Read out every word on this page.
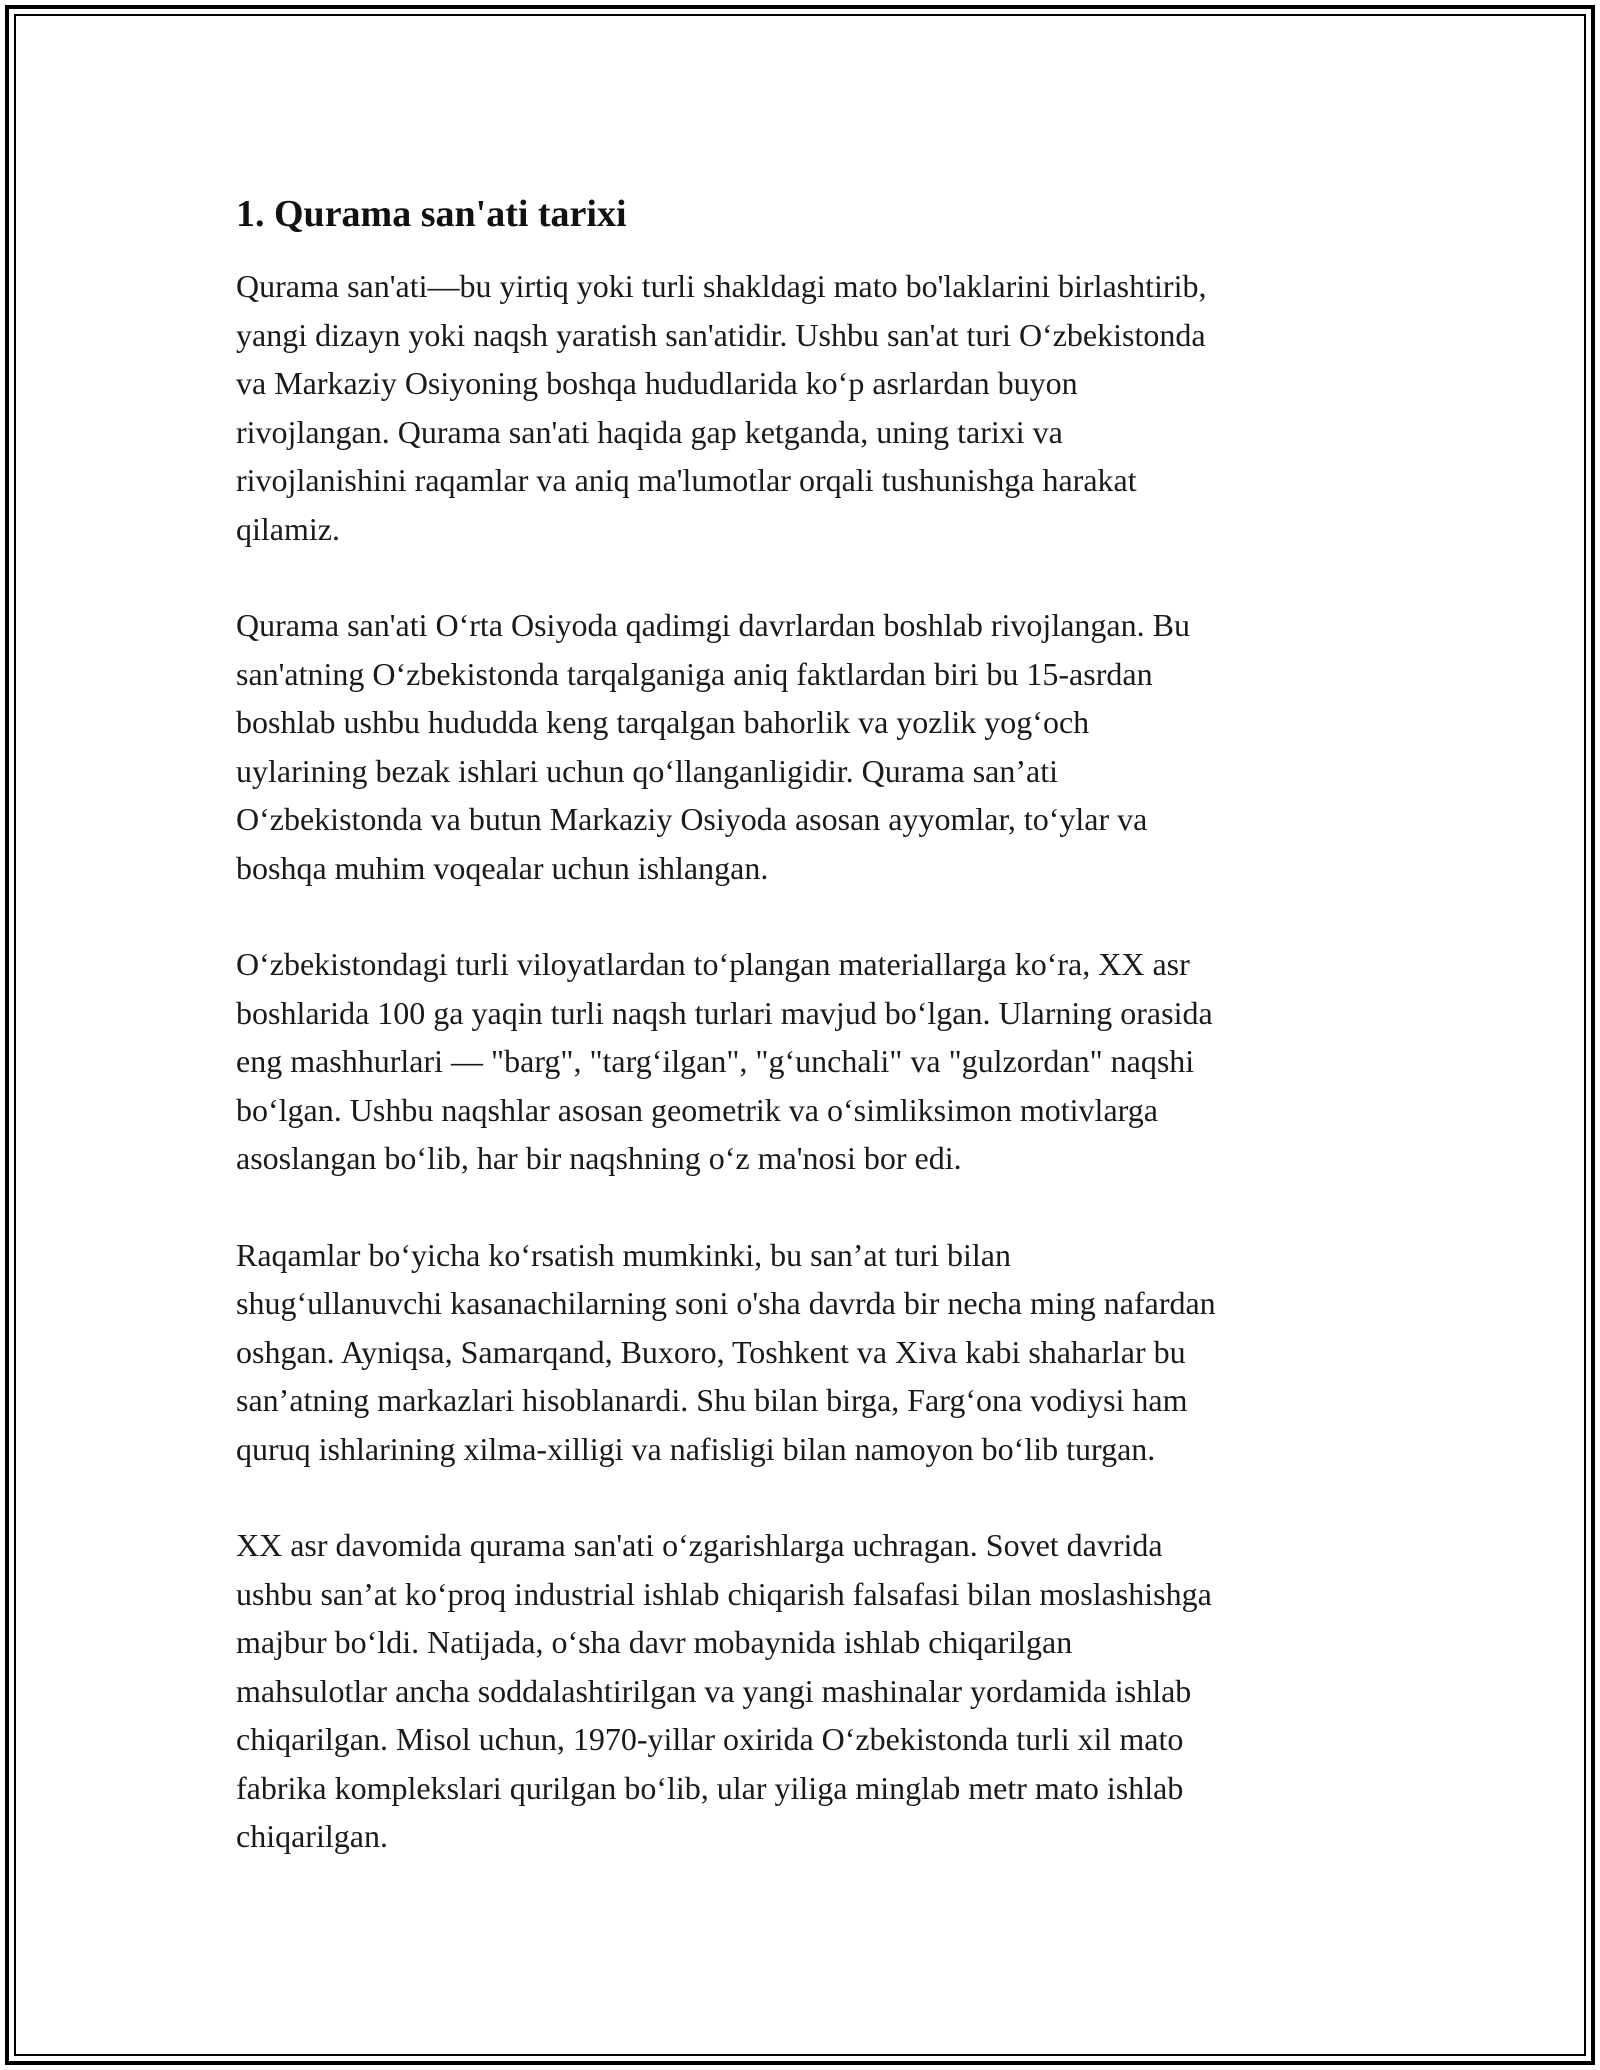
1. Qurama san'ati tarixi

Qurama san'ati—bu yirtiq yoki turli shakldagi mato bo'laklarini birlashtirib,
yangi dizayn yoki naqsh yaratish san'atidir. Ushbu san'at turi O‘zbekistonda
va Markaziy Osiyoning boshqa hududlarida ko‘p asrlardan buyon
rivojlangan. Qurama san'ati haqida gap ketganda, uning tarixi va
rivojlanishini raqamlar va aniq ma'lumotlar orqali tushunishga harakat
qilamiz.

Qurama san'ati O‘rta Osiyoda qadimgi davrlardan boshlab rivojlangan. Bu
san'atning O‘zbekistonda tarqalganiga aniq faktlardan biri bu 15-asrdan
boshlab ushbu hududda keng tarqalgan bahorlik va yozlik yog‘och
uylarining bezak ishlari uchun qo‘llanganligidir. Qurama san’ati
O‘zbekistonda va butun Markaziy Osiyoda asosan ayyomlar, to‘ylar va
boshqa muhim voqealar uchun ishlangan.

O‘zbekistondagi turli viloyatlardan to‘plangan materiallarga ko‘ra, XX asr
boshlarida 100 ga yaqin turli naqsh turlari mavjud bo‘lgan. Ularning orasida
eng mashhurlari — "barg", "targ‘ilgan", "g‘unchali" va "gulzordan" naqshi
bo‘lgan. Ushbu naqshlar asosan geometrik va o‘simliksimon motivlarga
asoslangan bo‘lib, har bir naqshning o‘z ma'nosi bor edi.

Raqamlar bo‘yicha ko‘rsatish mumkinki, bu san’at turi bilan
shug‘ullanuvchi kasanachilarning soni o'sha davrda bir necha ming nafardan
oshgan. Ayniqsa, Samarqand, Buxoro, Toshkent va Xiva kabi shaharlar bu
san’atning markazlari hisoblanardi. Shu bilan birga, Farg‘ona vodiysi ham
quruq ishlarining xilma-xilligi va nafisligi bilan namoyon bo‘lib turgan.

XX asr davomida qurama san'ati o‘zgarishlarga uchragan. Sovet davrida
ushbu san’at ko‘proq industrial ishlab chiqarish falsafasi bilan moslashishga
majbur bo‘ldi. Natijada, o‘sha davr mobaynida ishlab chiqarilgan
mahsulotlar ancha soddalashtirilgan va yangi mashinalar yordamida ishlab
chiqarilgan. Misol uchun, 1970-yillar oxirida O‘zbekistonda turli xil mato
fabrika komplekslari qurilgan bo‘lib, ular yiliga minglab metr mato ishlab
chiqarilgan.
